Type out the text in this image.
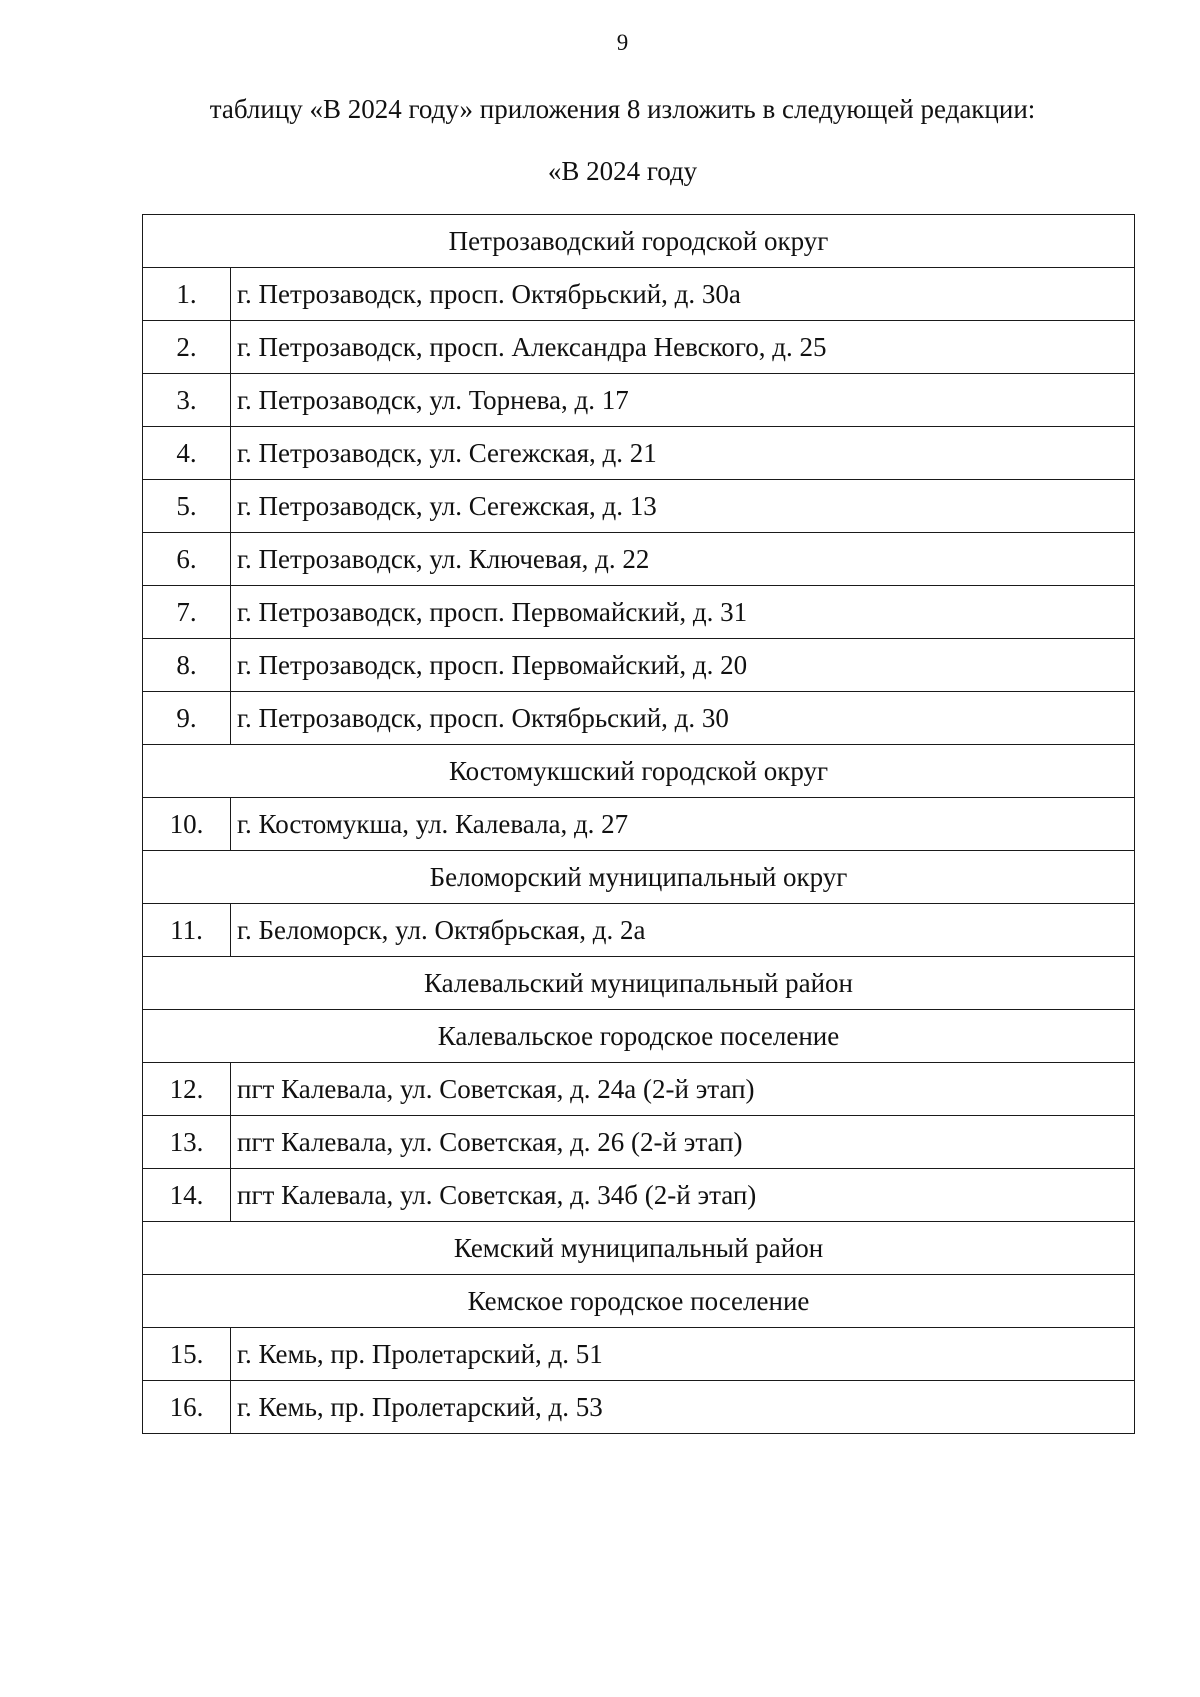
9
таблицу «В 2024 году» приложения 8 изложить в следующей редакции:
«В 2024 году
Петрозаводский городской округ	
1.	г. Петрозаводск, просп. Октябрьский, д. 30а
2.	г. Петрозаводск, просп. Александра Невского, д. 25
3.	г. Петрозаводск, ул. Торнева, д. 17
4.	г. Петрозаводск, ул. Сегежская, д. 21
5.	г. Петрозаводск, ул. Сегежская, д. 13
6.	г. Петрозаводск, ул. Ключевая, д. 22
7.	г. Петрозаводск, просп. Первомайский, д. 31
8.	г. Петрозаводск, просп. Первомайский, д. 20
9.	г. Петрозаводск, просп. Октябрьский, д. 30
Костомукшский городской округ	
10.	г. Костомукша, ул. Калевала, д. 27
Беломорский муниципальный округ	
11.	г. Беломорск, ул. Октябрьская, д. 2а
Калевальский муниципальный район	
Калевальское городское поселение	
12.	пгт Калевала, ул. Советская, д. 24а (2-й этап)
13.	пгт Калевала, ул. Советская, д. 26 (2-й этап)
14.	пгт Калевала, ул. Советская, д. 34б (2-й этап)
Кемский муниципальный район	
Кемское городское поселение	
15.	г. Кемь, пр. Пролетарский, д. 51
16.	г. Кемь, пр. Пролетарский, д. 53
